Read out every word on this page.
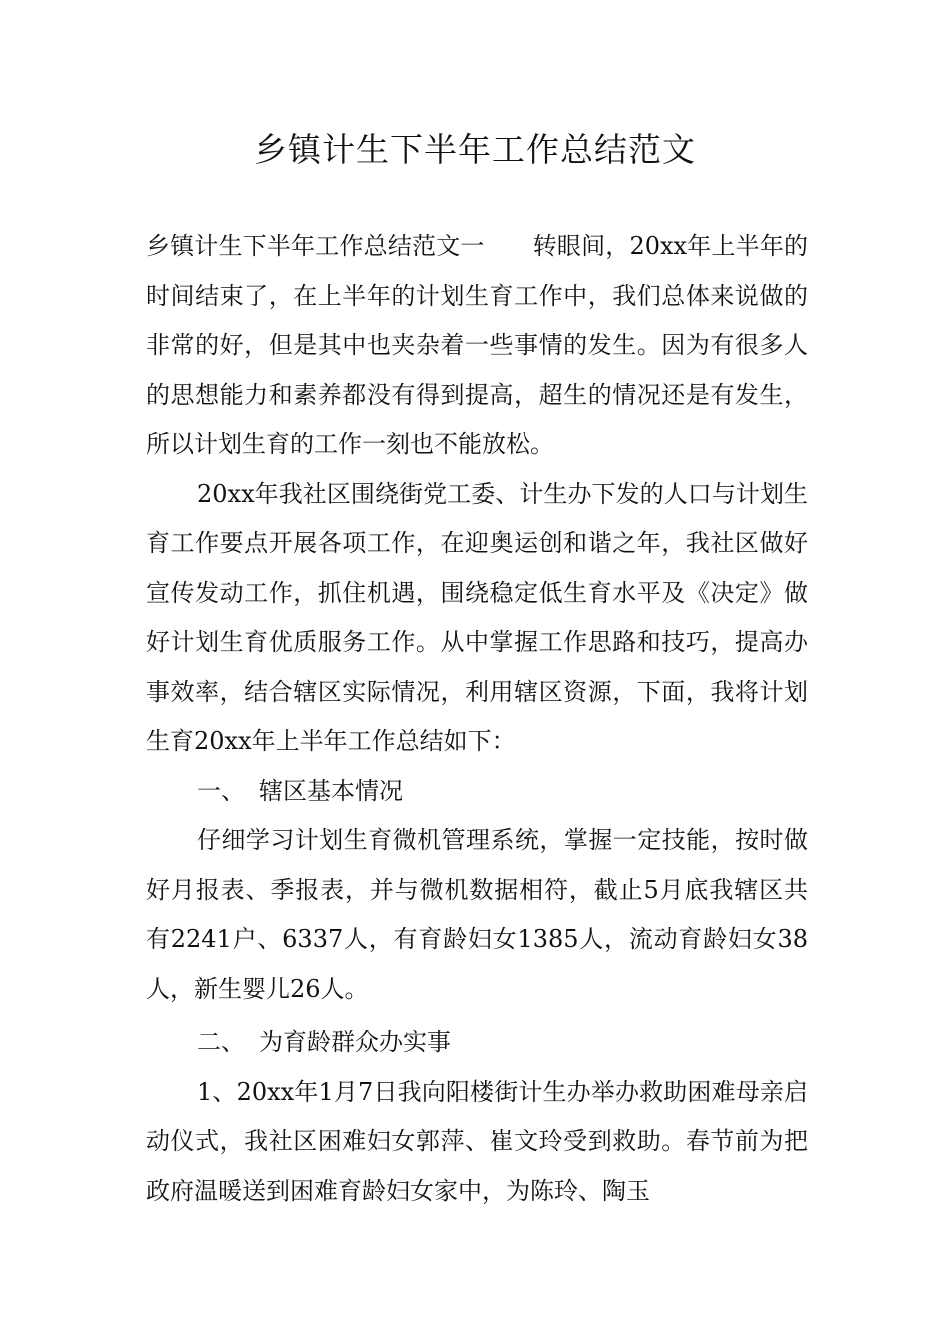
乡镇计生下半年工作总结范文

乡镇计生下半年工作总结范文一 转眼间，20xx年上半年的时间结束了，在上半年的计划生育工作中，我们总体来说做的非常的好，但是其中也夹杂着一些事情的发生。因为有很多人的思想能力和素养都没有得到提高，超生的情况还是有发生，所以计划生育的工作一刻也不能放松。

20xx年我社区围绕街党工委、计生办下发的人口与计划生育工作要点开展各项工作，在迎奥运创和谐之年，我社区做好宣传发动工作，抓住机遇，围绕稳定低生育水平及《决定》做好计划生育优质服务工作。从中掌握工作思路和技巧，提高办事效率，结合辖区实际情况，利用辖区资源，下面，我将计划生育20xx年上半年工作总结如下：

一、 辖区基本情况

仔细学习计划生育微机管理系统，掌握一定技能，按时做好月报表、季报表，并与微机数据相符，截止5月底我辖区共有2241户、6337人，有育龄妇女1385人，流动育龄妇女38人，新生婴儿26人。

二、 为育龄群众办实事

1、20xx年1月7日我向阳楼街计生办举办救助困难母亲启动仪式，我社区困难妇女郭萍、崔文玲受到救助。春节前为把政府温暖送到困难育龄妇女家中，为陈玲、陶玉
